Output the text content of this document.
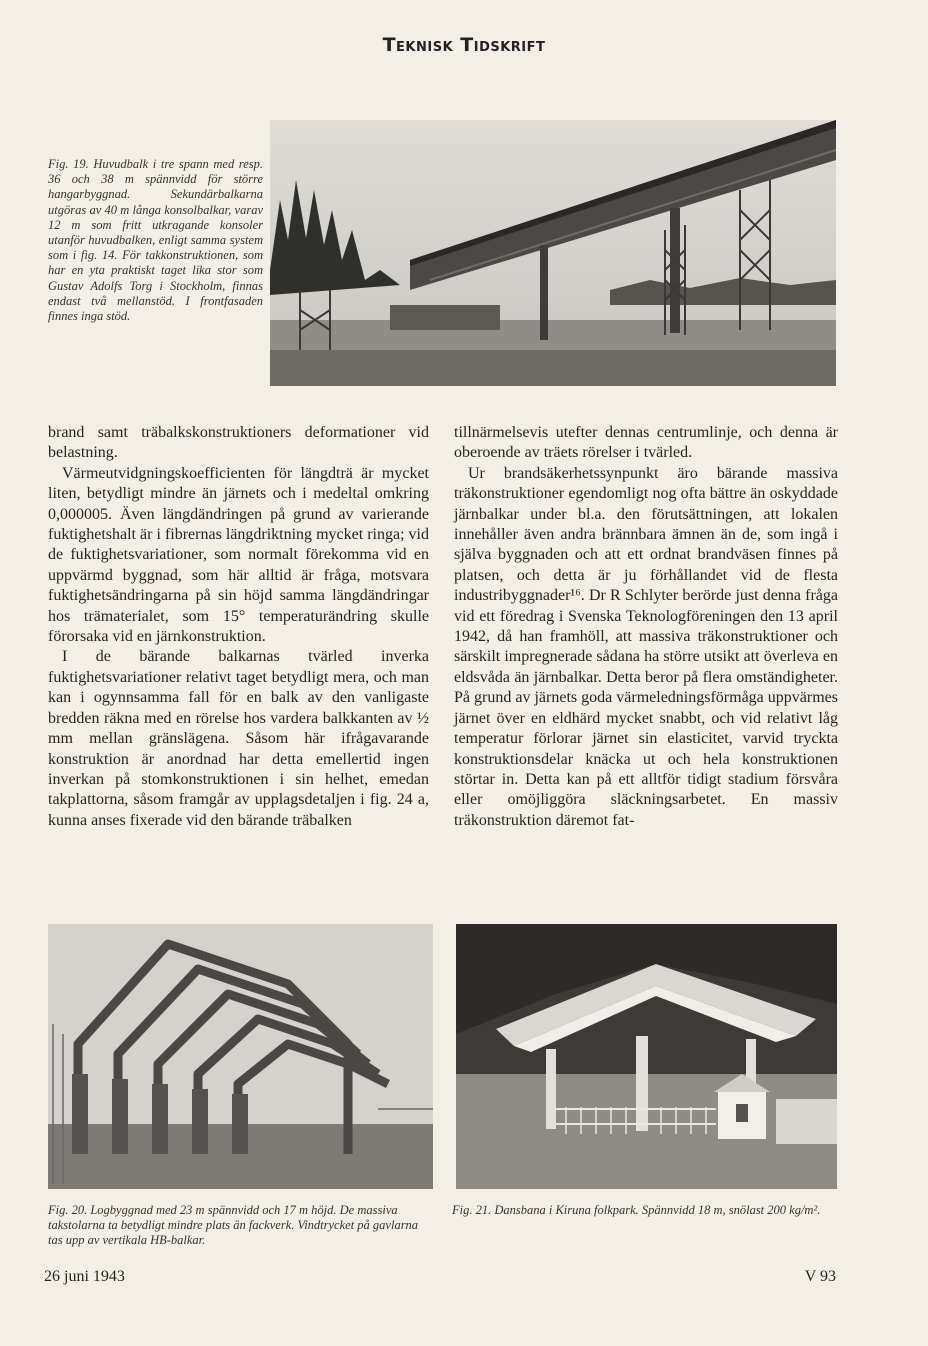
Teknisk Tidskrift
Fig. 19. Huvudbalk i tre spann med resp. 36 och 38 m spännvidd för större hangarbyggnad. Sekundärbalkarna utgöras av 40 m långa konsolbalkar, varav 12 m som fritt utkragande konsoler utanför huvudbalken, enligt samma system som i fig. 14. För takkonstruktionen, som har en yta praktiskt taget lika stor som Gustav Adolfs Torg i Stockholm, finnas endast två mellanstöd. I frontfasaden finnes inga stöd.

brand samt träbalkskonstruktioners deformationer vid belastning.

Värmeutvidgningskoefficienten för längdträ är mycket liten, betydligt mindre än järnets och i medeltal omkring 0,000005. Även längdändringen på grund av varierande fuktighetshalt är i fibrernas längdriktning mycket ringa; vid de fuktighetsvariationer, som normalt förekomma vid en uppvärmd byggnad, som här alltid är fråga, motsvara fuktighetsändringarna på sin höjd samma längdändringar hos trämaterialet, som 15° temperaturändring skulle förorsaka vid en järnkonstruktion.

I de bärande balkarnas tvärled inverka fuktighetsvariationer relativt taget betydligt mera, och man kan i ogynnsamma fall för en balk av den vanligaste bredden räkna med en rörelse hos vardera balkkanten av ½ mm mellan gränslägena. Såsom här ifrågavarande konstruktion är anordnad har detta emellertid ingen inverkan på stomkonstruktionen i sin helhet, emedan takplattorna, såsom framgår av upplagsdetaljen i fig. 24 a, kunna anses fixerade vid den bärande träbalken

tillnärmelsevis utefter dennas centrumlinje, och denna är oberoende av träets rörelser i tvärled.

Ur brandsäkerhetssynpunkt äro bärande massiva träkonstruktioner egendomligt nog ofta bättre än oskyddade järnbalkar under bl.a. den förutsättningen, att lokalen innehåller även andra brännbara ämnen än de, som ingå i själva byggnaden och att ett ordnat brandväsen finnes på platsen, och detta är ju förhållandet vid de flesta industribyggnader¹⁶. Dr R Schlyter berörde just denna fråga vid ett föredrag i Svenska Teknologföreningen den 13 april 1942, då han framhöll, att massiva träkonstruktioner och särskilt impregnerade sådana ha större utsikt att överleva en eldsvåda än järnbalkar. Detta beror på flera omständigheter. På grund av järnets goda värmeledningsförmåga uppvärmes järnet över en eldhärd mycket snabbt, och vid relativt låg temperatur förlorar järnet sin elasticitet, varvid tryckta konstruktionsdelar knäcka ut och hela konstruktionen störtar in. Detta kan på ett alltför tidigt stadium försvåra eller omöjliggöra släckningsarbetet. En massiv träkonstruktion däremot fat-

Fig. 20. Logbyggnad med 23 m spännvidd och 17 m höjd. De massiva takstolarna ta betydligt mindre plats än fackverk. Vindtrycket på gavlarna tas upp av vertikala HB-balkar.
Fig. 21. Dansbana i Kiruna folkpark. Spännvidd 18 m, snölast 200 kg/m².
26 juni 1943	V 93
